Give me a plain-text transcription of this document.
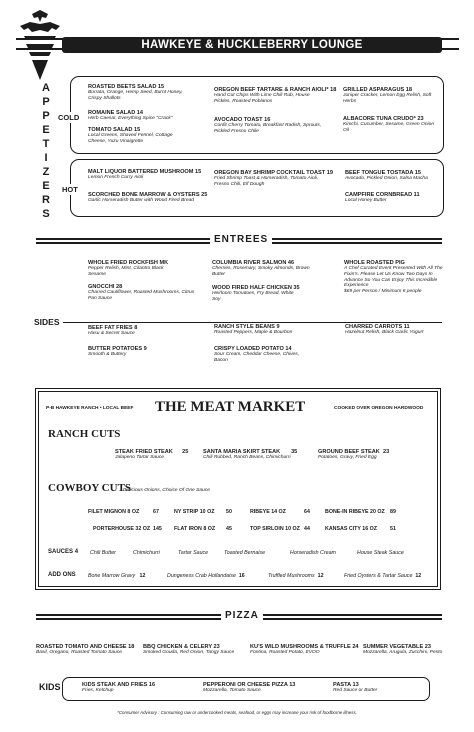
HAWKEYE & HUCKLEBERRY LOUNGE
A
P
P
E
T
I
Z
E
R
S
COLD
ROASTED BEETS SALAD 15
Burrata, Orange, Hemp Seed, Burnt Honey, Crispy Shallots
ROMAINE SALAD 14
Herb Caesar, Everything Spice "Crack"
TOMATO SALAD 15
Local Greens, Shaved Fennel, Cottage Cheese, Yuzu Vinaigrette
OREGON BEEF TARTARE & RANCH AIOLI* 18
Hand Cut Chips With Lime Chili Rub, House Pickles, Roasted Poblanos
AVOCADO TOAST 16
Confit Cherry Tomato, Breakfast Radish, Sprouts, Pickled Fresno Chile
GRILLED ASPARAGUS 18
Juniper Cracker, Lemon Egg Relish, Soft Herbs
ALBACORE TUNA CRUDO* 23
Kimchi, Cucumber, Sesame, Green Onion Oil
HOT
MALT LIQUOR BATTERED MUSHROOM 15
Lemon French Curry Aioli
SCORCHED BONE MARROW & OYSTERS 25
Garlic Horseradish Butter with Wood Fired Bread
OREGON BAY SHRIMP COCKTAIL TOAST 19
Fried Shrimp Toast & Horseradish, Tomato Aioli, Fresno Chili, Elf Dough
BEEF TONGUE TOSTADA 15
Avocado, Pickled Onion, Salsa Macha
CAMPFIRE CORNBREAD 11
Local Honey Butter
ENTREES
WHOLE FRIED ROCKFISH MK
Pepper Relish, Mint, Cilantro Black Sesame
GNOCCHI 28
Charred Cauliflower, Roasted Mushrooms, Citrus Pan Sauce
COLUMBIA RIVER SALMON 46
Cherries, Rosemary, Smoky Almonds, Brown Butter
WOOD FIRED HALF CHICKEN 35
Heirloom Tomatoes, Fry Bread, White Soy
WHOLE ROASTED PIG
A Chef Curated Event Presented With All The Fixin's. Please Let Us Know Two Days In Advance So You Can Enjoy This Incredible Experience
$69 per Person / Minimum 6 people
SIDES
BEEF FAT FRIES 8
Hasu & Secret Sauce
BUTTER POTATOES 9
Smooth & Buttery
RANCH STYLE BEANS 9
Roasted Peppers, Maple & Bourbon
CRISPY LOADED POTATO 14
Sour Cream, Cheddar Cheese, Chives, Bacon
CHARRED CARROTS 11
Hazelnut Relish, Black Garlic Yogurt
P-B HAWKEYE RANCH • LOCAL BEEF THE MEAT MARKET	COOKED OVER OREGON HARDWOOD
RANCH CUTS
STEAK FRIED STEAK 25
Jalapeno Tartar Sauce
SANTA MARIA SKIRT STEAK 35
Chili Rubbed, Ranch Beans, Chimichurri
GROUND BEEF STEAK 23
Potatoes, Gravy, Fried Egg
COWBOY CUTS
Delicious Onions, Choice Of One Sauce
FILET MIGNON 8 OZ	67	NY STRIP 10 OZ 50	RIBEYE 14 OZ	64	BONE-IN RIBEYE 20 OZ 89
PORTERHOUSE 32 OZ 145 FLAT IRON 8 OZ 45	TOP SIRLOIN 10 OZ 44	KANSAS CITY 16 OZ 51
SAUCES 4 Chili Butter	Chimichurri	Tartar Sauce	Toasted Bernaise	Horseradish Cream	House Steak Sauce
ADD ONS Bone Marrow Gravy 12	Dungeness Crab Hollandaise 16	Truffled Mushrooms 12	Fried Oysters & Tartar Sauce 12
PIZZA
ROASTED TOMATO AND CHEESE 18
Basil, Oregano, Roasted Tomato Sauce
BBQ CHICKEN & CELERY 23
Smoked Gouda, Red Onion, Tangy Sauce
KU'S WILD MUSHROOMS & TRUFFLE 24
Fontina, Roasted Potato, EVOO
SUMMER VEGETABLE 23
Mozzarella, Arugula, Zucchini, Pesto
KIDS	KIDS STEAK AND FRIES 16
Fries, Ketchup
PEPPERONI OR CHEESE PIZZA 13
Mozzarella, Tomato Sauce
PASTA 13
Red Sauce or Butter
*Consumer Advisory : Consuming raw or undercooked meats, seafood, or eggs may increase your risk of foodborne illness.
